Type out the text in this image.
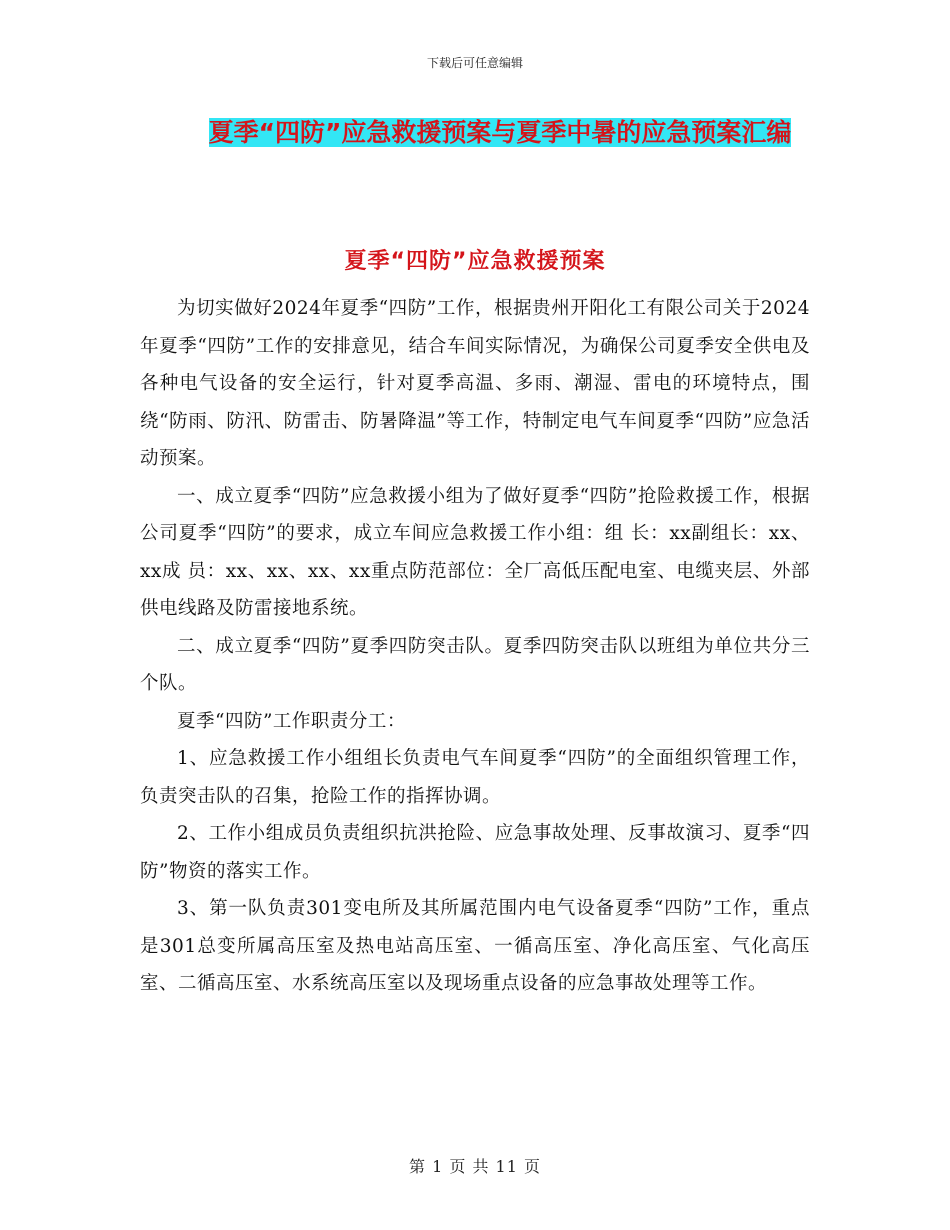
下载后可任意编辑
夏季“四防”应急救援预案与夏季中暑的应急预案汇编
夏季“四防”应急救援预案

为切实做好2024年夏季“四防”工作，根据贵州开阳化工有限公司关于2024年夏季“四防”工作的安排意见，结合车间实际情况，为确保公司夏季安全供电及各种电气设备的安全运行，针对夏季高温、多雨、潮湿、雷电的环境特点，围绕“防雨、防汛、防雷击、防暑降温”等工作，特制定电气车间夏季“四防”应急活动预案。

一、成立夏季“四防”应急救援小组为了做好夏季“四防”抢险救援工作，根据公司夏季“四防”的要求，成立车间应急救援工作小组：组 长：xx副组长：xx、xx成 员：xx、xx、xx、xx重点防范部位：全厂高低压配电室、电缆夹层、外部供电线路及防雷接地系统。

二、成立夏季“四防”夏季四防突击队。夏季四防突击队以班组为单位共分三个队。

夏季“四防”工作职责分工：

1、应急救援工作小组组长负责电气车间夏季“四防”的全面组织管理工作，负责突击队的召集，抢险工作的指挥协调。

2、工作小组成员负责组织抗洪抢险、应急事故处理、反事故演习、夏季“四防”物资的落实工作。

3、第一队负责301变电所及其所属范围内电气设备夏季“四防”工作，重点是301总变所属高压室及热电站高压室、一循高压室、净化高压室、气化高压室、二循高压室、水系统高压室以及现场重点设备的应急事故处理等工作。

第 1 页 共 11 页
